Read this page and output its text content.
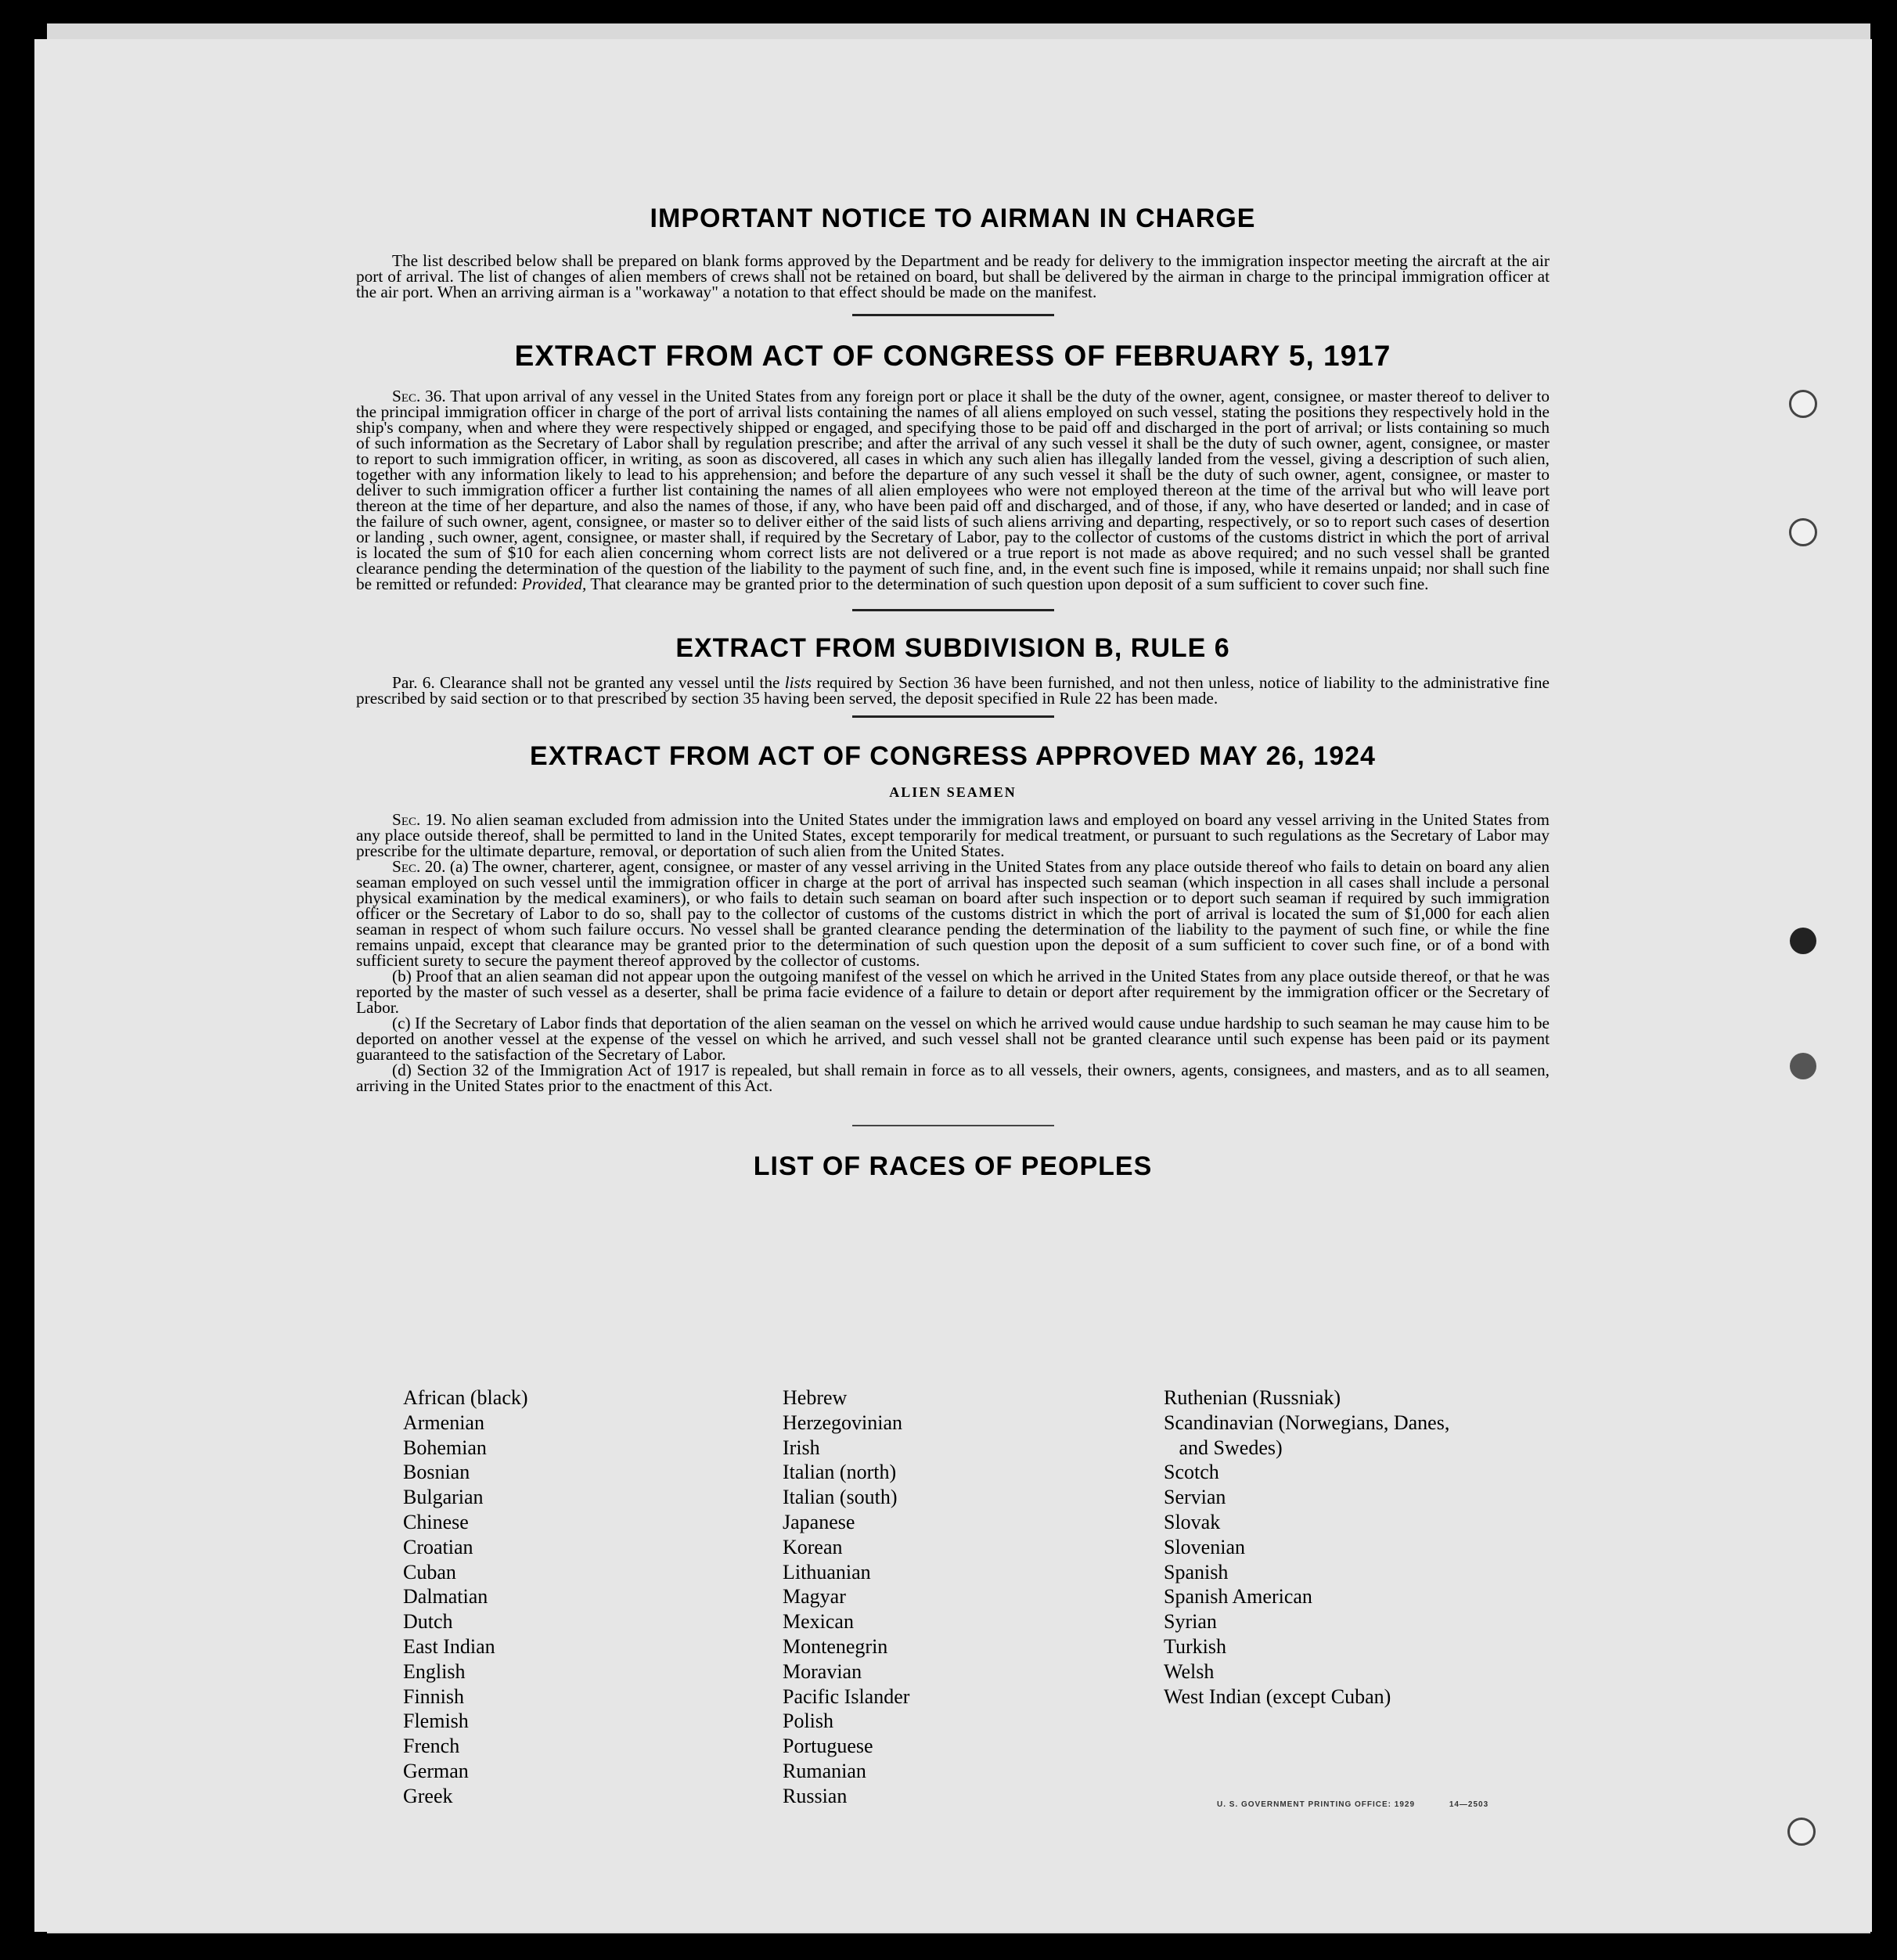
IMPORTANT NOTICE TO AIRMAN IN CHARGE

The list described below shall be prepared on blank forms approved by the Department and be ready for delivery to the immigration inspector meeting the aircraft at the air port of arrival. The list of changes of alien members of crews shall not be retained on board, but shall be delivered by the airman in charge to the principal immigration officer at the air port. When an arriving airman is a "workaway" a notation to that effect should be made on the manifest.

EXTRACT FROM ACT OF CONGRESS OF FEBRUARY 5, 1917

Sec. 36. That upon arrival of any vessel in the United States from any foreign port or place it shall be the duty of the owner, agent, consignee, or master thereof to deliver to the principal immigration officer in charge of the port of arrival lists containing the names of all aliens employed on such vessel, stating the positions they respectively hold in the ship's company, when and where they were respectively shipped or engaged, and specifying those to be paid off and discharged in the port of arrival; or lists containing so much of such information as the Secretary of Labor shall by regulation prescribe; and after the arrival of any such vessel it shall be the duty of such owner, agent, consignee, or master to report to such immigration officer, in writing, as soon as discovered, all cases in which any such alien has illegally landed from the vessel, giving a description of such alien, together with any information likely to lead to his apprehension; and before the departure of any such vessel it shall be the duty of such owner, agent, consignee, or master to deliver to such immigration officer a further list containing the names of all alien employees who were not employed thereon at the time of the arrival but who will leave port thereon at the time of her departure, and also the names of those, if any, who have been paid off and discharged, and of those, if any, who have deserted or landed; and in case of the failure of such owner, agent, consignee, or master so to deliver either of the said lists of such aliens arriving and departing, respectively, or so to report such cases of desertion or landing , such owner, agent, consignee, or master shall, if required by the Secretary of Labor, pay to the collector of customs of the customs district in which the port of arrival is located the sum of $10 for each alien concerning whom correct lists are not delivered or a true report is not made as above required; and no such vessel shall be granted clearance pending the determination of the question of the liability to the payment of such fine, and, in the event such fine is imposed, while it remains unpaid; nor shall such fine be remitted or refunded: Provided, That clearance may be granted prior to the determination of such question upon deposit of a sum sufficient to cover such fine.

EXTRACT FROM SUBDIVISION B, RULE 6

Par. 6. Clearance shall not be granted any vessel until the lists required by Section 36 have been furnished, and not then unless, notice of liability to the administrative fine prescribed by said section or to that prescribed by section 35 having been served, the deposit specified in Rule 22 has been made.

EXTRACT FROM ACT OF CONGRESS APPROVED MAY 26, 1924

ALIEN SEAMEN

Sec. 19. No alien seaman excluded from admission into the United States under the immigration laws and employed on board any vessel arriving in the United States from any place outside thereof, shall be permitted to land in the United States, except temporarily for medical treatment, or pursuant to such regulations as the Secretary of Labor may prescribe for the ultimate departure, removal, or deportation of such alien from the United States.

Sec. 20. (a) The owner, charterer, agent, consignee, or master of any vessel arriving in the United States from any place outside thereof who fails to detain on board any alien seaman employed on such vessel until the immigration officer in charge at the port of arrival has inspected such seaman (which inspection in all cases shall include a personal physical examination by the medical examiners), or who fails to detain such seaman on board after such inspection or to deport such seaman if required by such immigration officer or the Secretary of Labor to do so, shall pay to the collector of customs of the customs district in which the port of arrival is located the sum of $1,000 for each alien seaman in respect of whom such failure occurs. No vessel shall be granted clearance pending the determination of the liability to the payment of such fine, or while the fine remains unpaid, except that clearance may be granted prior to the determination of such question upon the deposit of a sum sufficient to cover such fine, or of a bond with sufficient surety to secure the payment thereof approved by the collector of customs.

(b) Proof that an alien seaman did not appear upon the outgoing manifest of the vessel on which he arrived in the United States from any place outside thereof, or that he was reported by the master of such vessel as a deserter, shall be prima facie evidence of a failure to detain or deport after requirement by the immigration officer or the Secretary of Labor.

(c) If the Secretary of Labor finds that deportation of the alien seaman on the vessel on which he arrived would cause undue hardship to such seaman he may cause him to be deported on another vessel at the expense of the vessel on which he arrived, and such vessel shall not be granted clearance until such expense has been paid or its payment guaranteed to the satisfaction of the Secretary of Labor.

(d) Section 32 of the Immigration Act of 1917 is repealed, but shall remain in force as to all vessels, their owners, agents, consignees, and masters, and as to all seamen, arriving in the United States prior to the enactment of this Act.

LIST OF RACES OF PEOPLES
African (black)
Armenian
Bohemian
Bosnian
Bulgarian
Chinese
Croatian
Cuban
Dalmatian
Dutch
East Indian
English
Finnish
Flemish
French
German
Greek
Hebrew
Herzegovinian
Irish
Italian (north)
Italian (south)
Japanese
Korean
Lithuanian
Magyar
Mexican
Montenegrin
Moravian
Pacific Islander
Polish
Portuguese
Rumanian
Russian
Ruthenian (Russniak)
Scandinavian (Norwegians, Danes,
and Swedes)
Scotch
Servian
Slovak
Slovenian
Spanish
Spanish American
Syrian
Turkish
Welsh
West Indian (except Cuban)
U. S. GOVERNMENT PRINTING OFFICE: 1929	14—2503
